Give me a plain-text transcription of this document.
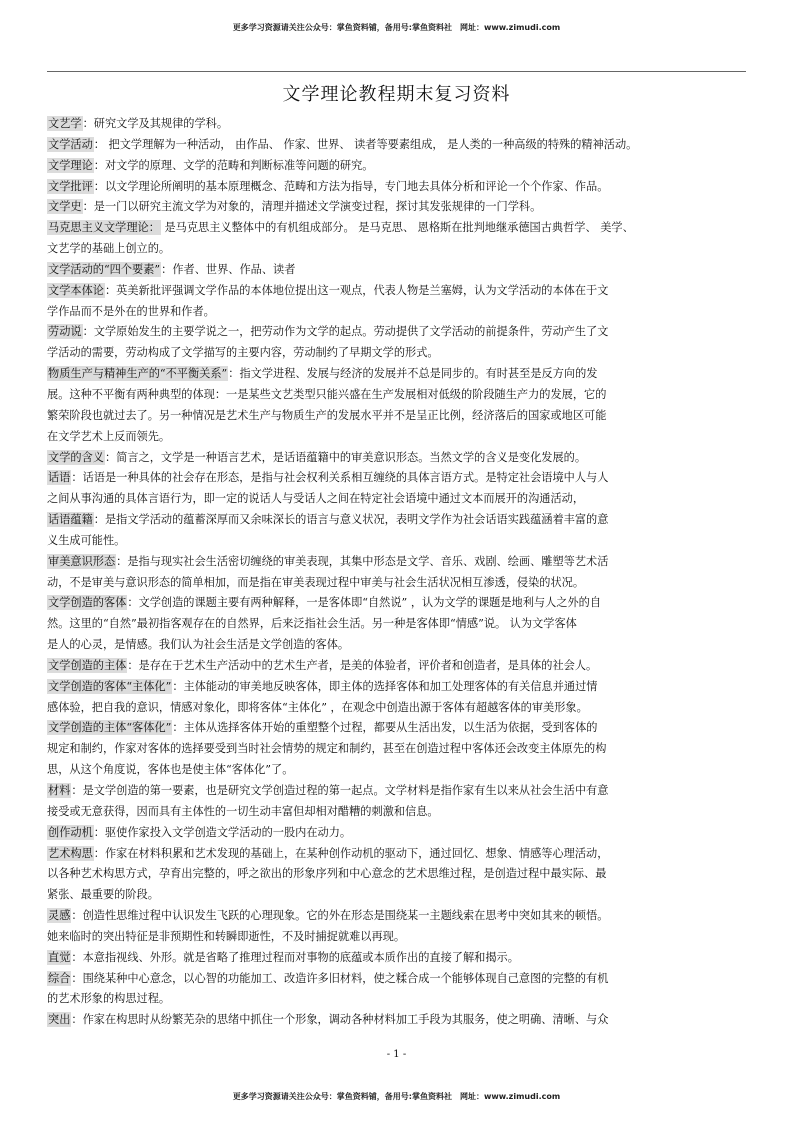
更多学习资源请关注公众号：掌鱼资料铺，备用号:掌鱼资料社　网址：www.zimudi.com
文学理论教程期末复习资料
文艺学：研究文学及其规律的学科。
文学活动： 把文学理解为一种活动， 由作品、 作家、世界、 读者等要素组成， 是人类的一种高级的特殊的精神活动。
文学理论：对文学的原理、文学的范畴和判断标准等问题的研究。
文学批评：以文学理论所阐明的基本原理概念、范畴和方法为指导，专门地去具体分析和评论一个个作家、作品。
文学史：是一门以研究主流文学为对象的，清理并描述文学演变过程，探讨其发张规律的一门学科。
马克思主义文学理论： 是马克思主义整体中的有机组成部分。 是马克思、 恩格斯在批判地继承德国古典哲学、 美学、
文艺学的基础上创立的。
文学活动的“四个要素”：作者、世界、作品、读者
文学本体论：英美新批评强调文学作品的本体地位提出这一观点，代表人物是兰塞姆，认为文学活动的本体在于文
学作品而不是外在的世界和作者。
劳动说：文学原始发生的主要学说之一，把劳动作为文学的起点。劳动提供了文学活动的前提条件，劳动产生了文
学活动的需要，劳动构成了文学描写的主要内容，劳动制约了早期文学的形式。
物质生产与精神生产的“不平衡关系”：指文学进程、发展与经济的发展并不总是同步的。有时甚至是反方向的发
展。这种不平衡有两种典型的体现：一是某些文艺类型只能兴盛在生产发展相对低级的阶段随生产力的发展，它的
繁荣阶段也就过去了。另一种情况是艺术生产与物质生产的发展水平并不是呈正比例，经济落后的国家或地区可能
在文学艺术上反而领先。
文学的含义：简言之，文学是一种语言艺术，是话语蕴籍中的审美意识形态。当然文学的含义是变化发展的。
话语：话语是一种具体的社会存在形态，是指与社会权利关系相互缠绕的具体言语方式。是特定社会语境中人与人
之间从事沟通的具体言语行为，即一定的说话人与受话人之间在特定社会语境中通过文本而展开的沟通活动，
话语蕴籍：是指文学活动的蕴蓄深厚而又余味深长的语言与意义状况，表明文学作为社会话语实践蕴涵着丰富的意
义生成可能性。
审美意识形态：是指与现实社会生活密切缠绕的审美表现，其集中形态是文学、音乐、戏剧、绘画、雕塑等艺术活
动，不是审美与意识形态的简单相加，而是指在审美表现过程中审美与社会生活状况相互渗透，侵染的状况。
文学创造的客体：文学创造的课题主要有两种解释，一是客体即“自然说” ，认为文学的课题是地利与人之外的自
然。这里的“自然”最初指客观存在的自然界，后来泛指社会生活。另一种是客体即“情感”说。 认为文学客体
是人的心灵，是情感。我们认为社会生活是文学创造的客体。
文学创造的主体：是存在于艺术生产活动中的艺术生产者，是美的体验者，评价者和创造者，是具体的社会人。
文学创造的客体“主体化”：主体能动的审美地反映客体，即主体的选择客体和加工处理客体的有关信息并通过情
感体验，把自我的意识，情感对象化，即将客体“主体化” ，在观念中创造出源于客体有超越客体的审美形象。
文学创造的主体“客体化”：主体从选择客体开始的重塑整个过程，都要从生活出发，以生活为依据，受到客体的
规定和制约，作家对客体的选择要受到当时社会情势的规定和制约，甚至在创造过程中客体还会改变主体原先的构
思，从这个角度说，客体也是使主体“客体化”了。
材料：是文学创造的第一要素，也是研究文学创造过程的第一起点。文学材料是指作家有生以来从社会生活中有意
接受或无意获得，因而具有主体性的一切生动丰富但却相对醋糟的刺激和信息。
创作动机：驱使作家投入文学创造文学活动的一股内在动力。
艺术构思：作家在材料积累和艺术发现的基础上，在某种创作动机的驱动下，通过回忆、想象、情感等心理活动，
以各种艺术构思方式，孕育出完整的，呼之欲出的形象序列和中心意念的艺术思维过程，是创造过程中最实际、最
紧张、最重要的阶段。
灵感：创造性思维过程中认识发生飞跃的心理现象。它的外在形态是围绕某一主题线索在思考中突如其来的顿悟。
她来临时的突出特征是非预期性和转瞬即逝性，不及时捕捉就难以再现。
直觉：本意指视线、外形。就是省略了推理过程而对事物的底蕴或本质作出的直接了解和揭示。
综合：围绕某种中心意念，以心智的功能加工、改造许多旧材料，使之糅合成一个能够体现自己意图的完整的有机
的艺术形象的构思过程。
突出：作家在构思时从纷繁芜杂的思绪中抓住一个形象，调动各种材料加工手段为其服务，使之明确、清晰、与众
- 1 -
更多学习资源请关注公众号：掌鱼资料铺，备用号:掌鱼资料社　网址：www.zimudi.com
